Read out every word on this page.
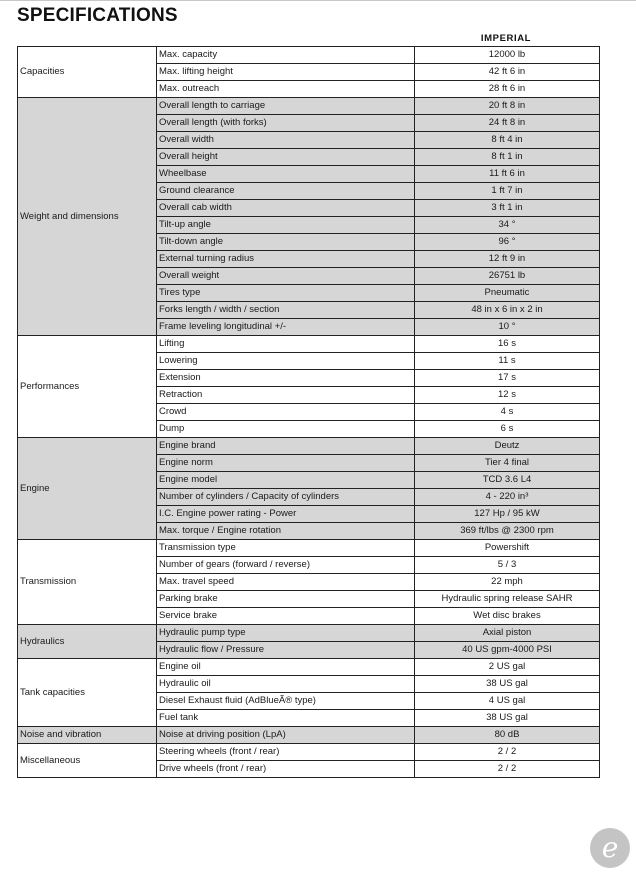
SPECIFICATIONS
IMPERIAL
Capacities	Max. capacity	12000 lb
	Max. lifting height	42 ft 6 in
	Max. outreach	28 ft 6 in
Weight and dimensions	Overall length to carriage	20 ft 8 in
	Overall length (with forks)	24 ft 8 in
	Overall width	8 ft 4 in
	Overall height	8 ft 1 in
	Wheelbase	11 ft 6 in
	Ground clearance	1 ft 7 in
	Overall cab width	3 ft 1 in
	Tilt-up angle	34 °
	Tilt-down angle	96 °
	External turning radius	12 ft 9 in
	Overall weight	26751 lb
	Tires type	Pneumatic
	Forks length / width / section	48 in x 6 in x 2 in
	Frame leveling longitudinal +/-	10 °
Performances	Lifting	16 s
	Lowering	11 s
	Extension	17 s
	Retraction	12 s
	Crowd	4 s
	Dump	6 s
Engine	Engine brand	Deutz
	Engine norm	Tier 4 final
	Engine model	TCD 3.6 L4
	Number of cylinders / Capacity of cylinders	4 - 220 in³
	I.C. Engine power rating - Power	127 Hp / 95 kW
	Max. torque / Engine rotation	369 ft/lbs @ 2300 rpm
Transmission	Transmission type	Powershift
	Number of gears (forward / reverse)	5 / 3
	Max. travel speed	22 mph
	Parking brake	Hydraulic spring release SAHR
	Service brake	Wet disc brakes
Hydraulics	Hydraulic pump type	Axial piston
	Hydraulic flow / Pressure	40 US gpm-4000 PSI
Tank capacities	Engine oil	2 US gal
	Hydraulic oil	38 US gal
	Diesel Exhaust fluid (AdBlueÃ® type)	4 US gal
	Fuel tank	38 US gal
Noise and vibration	Noise at driving position (LpA)	80 dB
Miscellaneous	Steering wheels (front / rear)	2 / 2
	Drive wheels (front / rear)	2 / 2
e
